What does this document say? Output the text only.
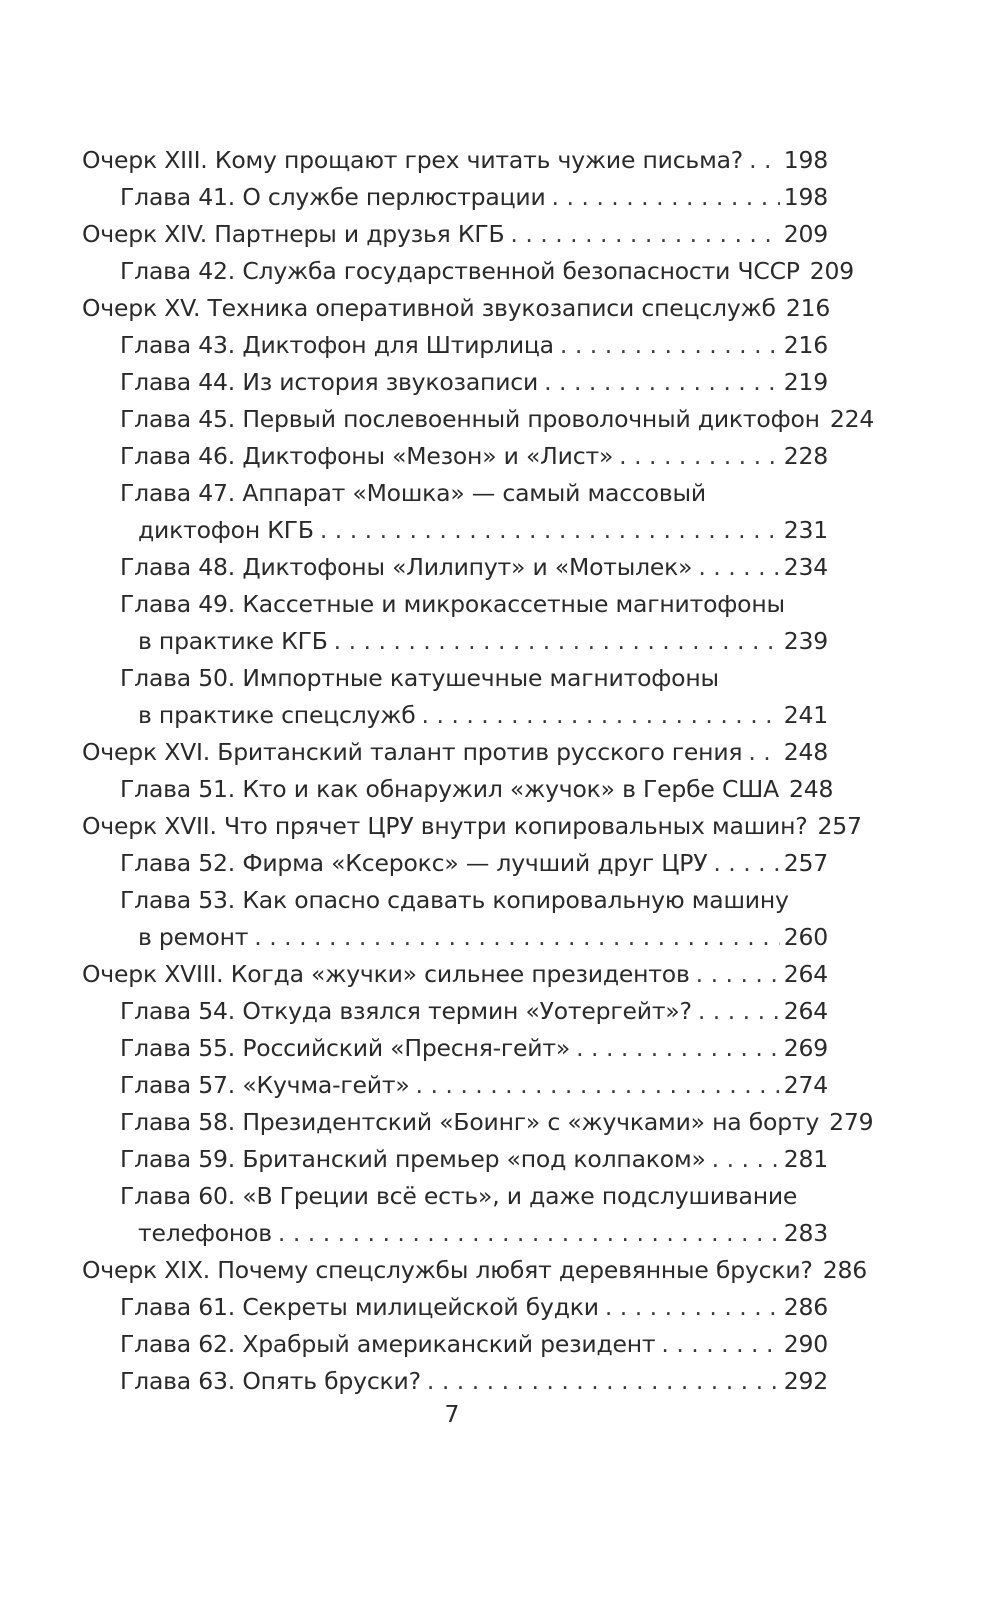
Очерк XIII. Кому прощают грех читать чужие письма? . . . 198
Глава 41. О службе перлюстрации . . .	198
Очерк XIV. Партнеры и друзья КГБ . . .	209
Глава 42. Служба государственной безопасности ЧССР 209
Очерк XV. Техника оперативной звукозаписи спецслужб 216
Глава 43. Диктофон для Штирлица . . .	216
Глава 44. Из история звукозаписи . . .	219
Глава 45. Первый послевоенный проволочный диктофон 224
Глава 46. Диктофоны «Мезон» и «Лист» . . .	228
Глава 47. Аппарат «Мошка» — самый массовый
диктофон КГБ . . .	231
Глава 48. Диктофоны «Лилипут» и «Мотылек» . . .	234
Глава 49. Кассетные и микрокассетные магнитофоны
в практике КГБ . . .	239
Глава 50. Импортные катушечные магнитофоны
в практике спецслужб . . .	241
Очерк XVI. Британский талант против русского гения . . . 248
Глава 51. Кто и как обнаружил «жучок» в Гербе США 248
Очерк XVII. Что прячет ЦРУ внутри копировальных машин? 257
Глава 52. Фирма «Ксерокс» — лучший друг ЦРУ . . .	257
Глава 53. Как опасно сдавать копировальную машину
в ремонт . . .	260
Очерк XVIII. Когда «жучки» сильнее президентов . . .	264
Глава 54. Откуда взялся термин «Уотергейт»? . . .	264
Глава 55. Российский «Пресня-гейт» . . .	269
Глава 57. «Кучма-гейт» . . .	274
Глава 58. Президентский «Боинг» с «жучками» на борту 279
Глава 59. Британский премьер «под колпаком» . . .	281
Глава 60. «В Греции всё есть», и даже подслушивание
телефонов . . .	283
Очерк XIX. Почему спецслужбы любят деревянные бруски? 286
Глава 61. Секреты милицейской будки . . .	286
Глава 62. Храбрый американский резидент . . .	290
Глава 63. Опять бруски? . . .	292
7
